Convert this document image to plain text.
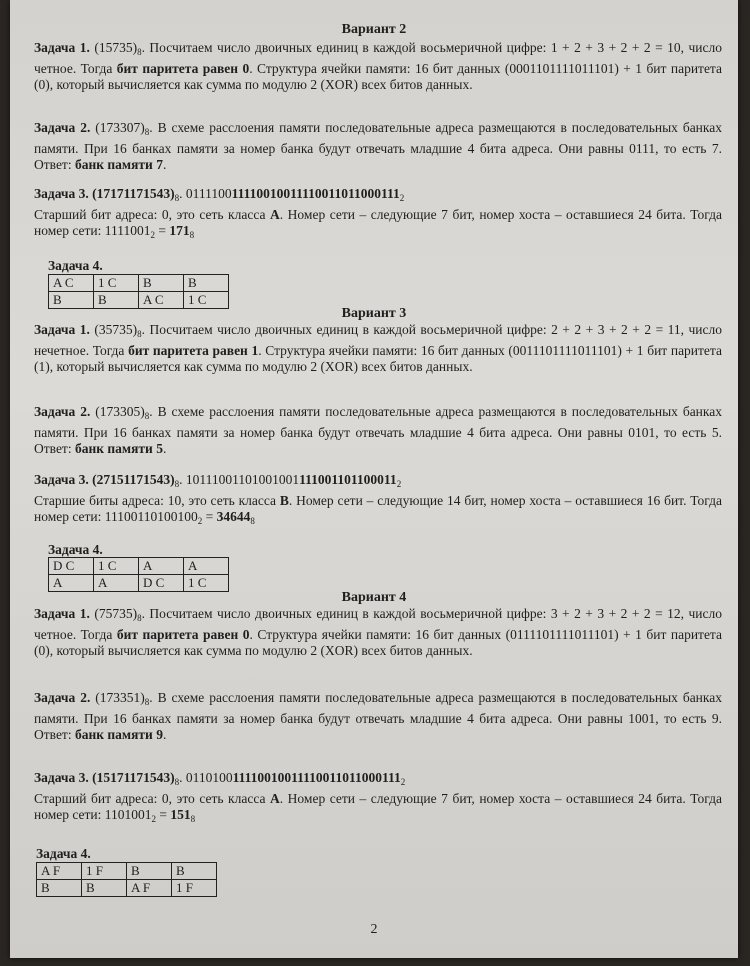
Вариант 2
Задача 1. $(15735)_8$. Посчитаем число двоичных единиц в каждой восьмеричной цифре: 1 + 2 + 3 + 2 + 2 = 10, число четное. Тогда бит паритета равен 0. Структура ячейки памяти: 16 бит данных (0001101111011101) + 1 бит паритета (0), который вычисляется как сумма по модулю 2 (XOR) всех битов данных.
Задача 2. $(173307)_8$. В схеме расслоения памяти последовательные адреса размещаются в последовательных банках памяти. При 16 банках памяти за номер банка будут отвечать младшие 4 бита адреса. Они равны 0111, то есть 7. Ответ: банк памяти 7.
Задача 3. $(17171171543)_8$. $011110011110010011110011011000111_2$
Старший бит адреса: 0, это сеть класса А. Номер сети – следующие 7 бит, номер хоста – оставшиеся 24 бита. Тогда номер сети: $1111001_2 = 171_8$
Задача 4.
A C	1 C	B	B
B	B	A C	1 C
Вариант 3
Задача 1. $(35735)_8$. Посчитаем число двоичных единиц в каждой восьмеричной цифре: 2 + 2 + 3 + 2 + 2 = 11, число нечетное. Тогда бит паритета равен 1. Структура ячейки памяти: 16 бит данных (0011101111011101) + 1 бит паритета (1), который вычисляется как сумма по модулю 2 (XOR) всех битов данных.
Задача 2. $(173305)_8$. В схеме расслоения памяти последовательные адреса размещаются в последовательных банках памяти. При 16 банках памяти за номер банка будут отвечать младшие 4 бита адреса. Они равны 0101, то есть 5. Ответ: банк памяти 5.
Задача 3. $(27151171543)_8$. $10111001101001001111001101100011_2$
Старшие биты адреса: 10, это сеть класса В. Номер сети – следующие 14 бит, номер хоста – оставшиеся 16 бит. Тогда номер сети: $11100110100100_2 = 34644_8$
Задача 4.
D C	1 C	A	A
A	A	D C	1 C
Вариант 4
Задача 1. $(75735)_8$. Посчитаем число двоичных единиц в каждой восьмеричной цифре: 3 + 2 + 3 + 2 + 2 = 12, число четное. Тогда бит паритета равен 0. Структура ячейки памяти: 16 бит данных (0111101111011101) + 1 бит паритета (0), который вычисляется как сумма по модулю 2 (XOR) всех битов данных.
Задача 2. $(173351)_8$. В схеме расслоения памяти последовательные адреса размещаются в последовательных банках памяти. При 16 банках памяти за номер банка будут отвечать младшие 4 бита адреса. Они равны 1001, то есть 9. Ответ: банк памяти 9.
Задача 3. $(15171171543)_8$. $011010011110010011110011011000111_2$
Старший бит адреса: 0, это сеть класса А. Номер сети – следующие 7 бит, номер хоста – оставшиеся 24 бита. Тогда номер сети: $1101001_2 = 151_8$
Задача 4.
A F	1 F	B	B
B	B	A F	1 F
2
